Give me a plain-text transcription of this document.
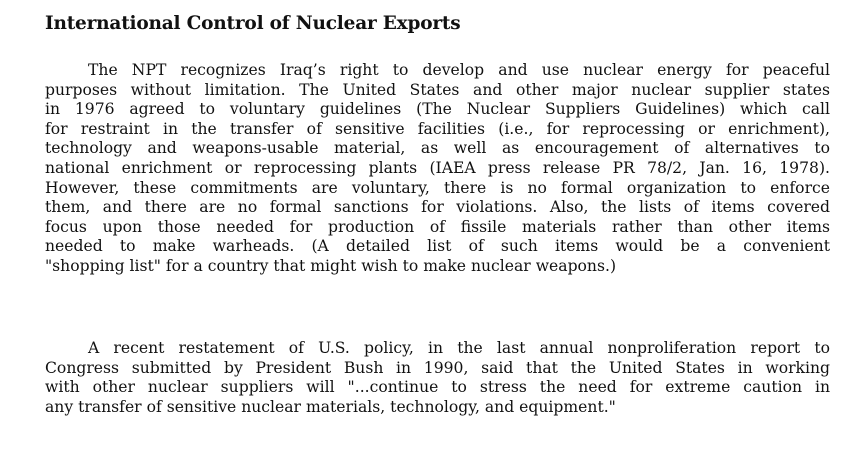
International Control of Nuclear Exports
The NPT recognizes Iraq’s right to develop and use nuclear energy for peaceful
purposes without limitation. The United States and other major nuclear supplier states
in 1976 agreed to voluntary guidelines (The Nuclear Suppliers Guidelines) which call
for restraint in the transfer of sensitive facilities (i.e., for reprocessing or enrichment),
technology and weapons-usable material, as well as encouragement of alternatives to
national enrichment or reprocessing plants (IAEA press release PR 78/2, Jan. 16, 1978).
However, these commitments are voluntary, there is no formal organization to enforce
them, and there are no formal sanctions for violations. Also, the lists of items covered
focus upon those needed for production of fissile materials rather than other items
needed to make warheads. (A detailed list of such items would be a convenient
"shopping list" for a country that might wish to make nuclear weapons.)
A recent restatement of U.S. policy, in the last annual nonproliferation report to
Congress submitted by President Bush in 1990, said that the United States in working
with other nuclear suppliers will "...continue to stress the need for extreme caution in
any transfer of sensitive nuclear materials, technology, and equipment."
